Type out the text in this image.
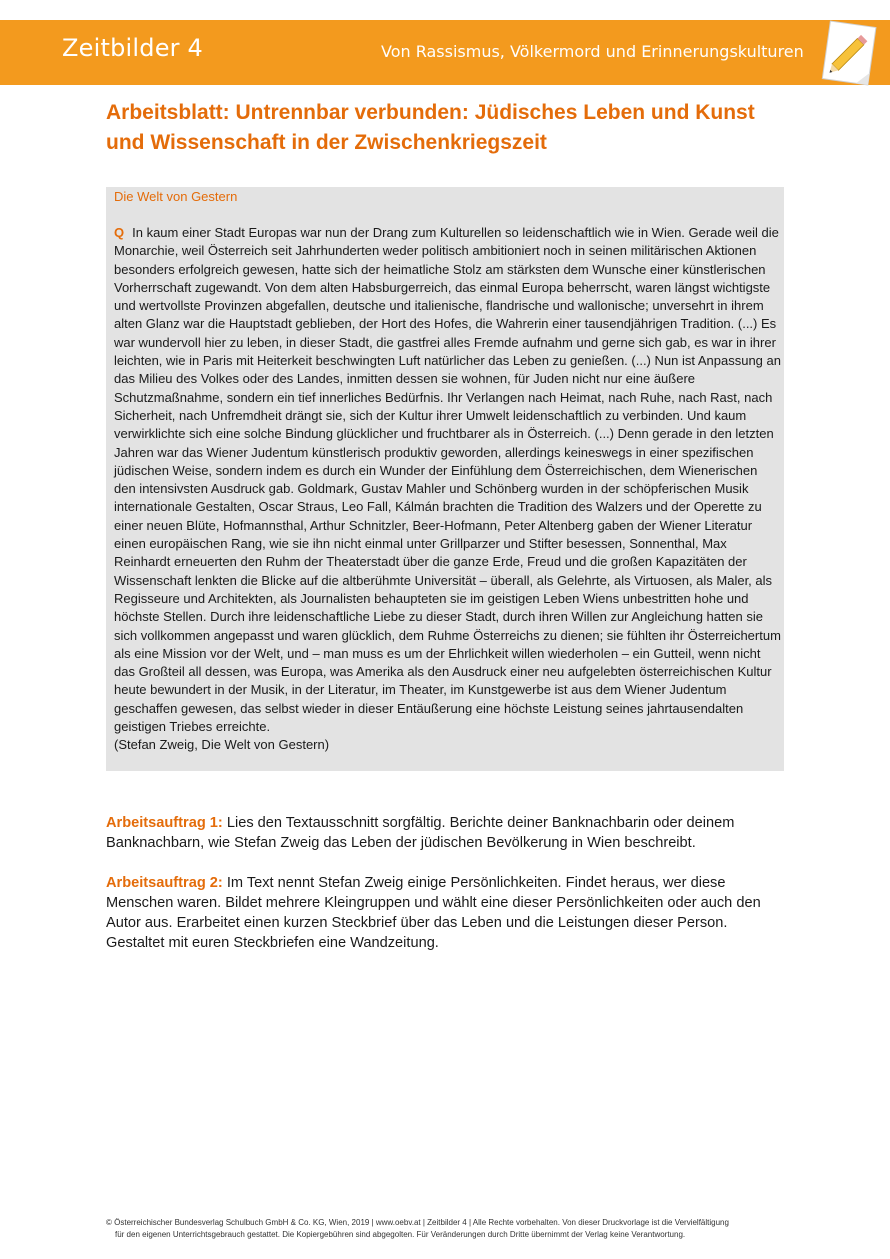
Zeitbilder 4	Von Rassismus, Völkermord und Erinnerungskulturen
Arbeitsblatt: Untrennbar verbunden: Jüdisches Leben und Kunst und Wissenschaft in der Zwischenkriegszeit
Die Welt von Gestern
Q In kaum einer Stadt Europas war nun der Drang zum Kulturellen so leidenschaftlich wie in Wien. Gerade weil die Monarchie, weil Österreich seit Jahrhunderten weder politisch ambitioniert noch in seinen militärischen Aktionen besonders erfolgreich gewesen, hatte sich der heimatliche Stolz am stärksten dem Wunsche einer künstlerischen Vorherrschaft zugewandt. Von dem alten Habsburgerreich, das einmal Europa beherrscht, waren längst wichtigste und wertvollste Provinzen abgefallen, deutsche und italienische, flandrische und wallonische; unversehrt in ihrem alten Glanz war die Hauptstadt geblieben, der Hort des Hofes, die Wahrerin einer tausendjährigen Tradition. (...) Es war wundervoll hier zu leben, in dieser Stadt, die gastfrei alles Fremde aufnahm und gerne sich gab, es war in ihrer leichten, wie in Paris mit Heiterkeit beschwingten Luft natürlicher das Leben zu genießen. (...) Nun ist Anpassung an das Milieu des Volkes oder des Landes, inmitten dessen sie wohnen, für Juden nicht nur eine äußere Schutzmaßnahme, sondern ein tief innerliches Bedürfnis. Ihr Verlangen nach Heimat, nach Ruhe, nach Rast, nach Sicherheit, nach Unfremdheit drängt sie, sich der Kultur ihrer Umwelt leidenschaftlich zu verbinden. Und kaum verwirklichte sich eine solche Bindung glücklicher und fruchtbarer als in Österreich. (...) Denn gerade in den letzten Jahren war das Wiener Judentum künstlerisch produktiv geworden, allerdings keineswegs in einer spezifischen jüdischen Weise, sondern indem es durch ein Wunder der Einfühlung dem Österreichischen, dem Wienerischen den intensivsten Ausdruck gab. Goldmark, Gustav Mahler und Schönberg wurden in der schöpferischen Musik internationale Gestalten, Oscar Straus, Leo Fall, Kálmán brachten die Tradition des Walzers und der Operette zu einer neuen Blüte, Hofmannsthal, Arthur Schnitzler, Beer-Hofmann, Peter Altenberg gaben der Wiener Literatur einen europäischen Rang, wie sie ihn nicht einmal unter Grillparzer und Stifter besessen, Sonnenthal, Max Reinhardt erneuerten den Ruhm der Theaterstadt über die ganze Erde, Freud und die großen Kapazitäten der Wissenschaft lenkten die Blicke auf die altberühmte Universität – überall, als Gelehrte, als Virtuosen, als Maler, als Regisseure und Architekten, als Journalisten behaupteten sie im geistigen Leben Wiens unbestritten hohe und höchste Stellen. Durch ihre leidenschaftliche Liebe zu dieser Stadt, durch ihren Willen zur Angleichung hatten sie sich vollkommen angepasst und waren glücklich, dem Ruhme Österreichs zu dienen; sie fühlten ihr Österreichertum als eine Mission vor der Welt, und – man muss es um der Ehrlichkeit willen wiederholen – ein Gutteil, wenn nicht das Großteil all dessen, was Europa, was Amerika als den Ausdruck einer neu aufgelebten österreichischen Kultur heute bewundert in der Musik, in der Literatur, im Theater, im Kunstgewerbe ist aus dem Wiener Judentum geschaffen gewesen, das selbst wieder in dieser Entäußerung eine höchste Leistung seines jahrtausendalten geistigen Triebes erreichte.
(Stefan Zweig, Die Welt von Gestern)

Arbeitsauftrag 1: Lies den Textausschnitt sorgfältig. Berichte deiner Banknachbarin oder deinem Banknachbarn, wie Stefan Zweig das Leben der jüdischen Bevölkerung in Wien beschreibt.

Arbeitsauftrag 2: Im Text nennt Stefan Zweig einige Persönlichkeiten. Findet heraus, wer diese Menschen waren. Bildet mehrere Kleingruppen und wählt eine dieser Persönlichkeiten oder auch den Autor aus. Erarbeitet einen kurzen Steckbrief über das Leben und die Leistungen dieser Person. Gestaltet mit euren Steckbriefen eine Wandzeitung.

© Österreichischer Bundesverlag Schulbuch GmbH & Co. KG, Wien, 2019 | www.oebv.at | Zeitbilder 4 | Alle Rechte vorbehalten. Von dieser Druckvorlage ist die Vervielfältigung
für den eigenen Unterrichtsgebrauch gestattet. Die Kopiergebühren sind abgegolten. Für Veränderungen durch Dritte übernimmt der Verlag keine Verantwortung.
